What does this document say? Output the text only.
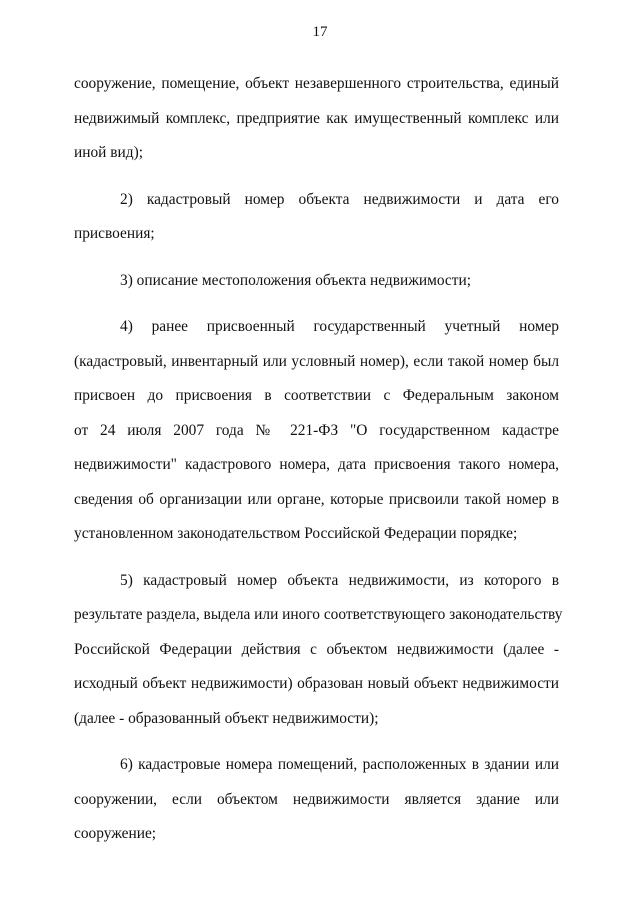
17
сооружение, помещение, объект незавершенного строительства, единый
недвижимый комплекс, предприятие как имущественный комплекс или
иной вид);
2) кадастровый номер объекта недвижимости и дата его
присвоения;
3) описание местоположения объекта недвижимости;
4) ранее присвоенный государственный учетный номер
(кадастровый, инвентарный или условный номер), если такой номер был
присвоен до присвоения в соответствии с Федеральным законом
от 24 июля 2007 года № 221-ФЗ "О государственном кадастре
недвижимости" кадастрового номера, дата присвоения такого номера,
сведения об организации или органе, которые присвоили такой номер в
установленном законодательством Российской Федерации порядке;
5) кадастровый номер объекта недвижимости, из которого в
результате раздела, выдела или иного соответствующего законодательству
Российской Федерации действия с объектом недвижимости (далее -
исходный объект недвижимости) образован новый объект недвижимости
(далее - образованный объект недвижимости);
6) кадастровые номера помещений, расположенных в здании или
сооружении, если объектом недвижимости является здание или
сооружение;
